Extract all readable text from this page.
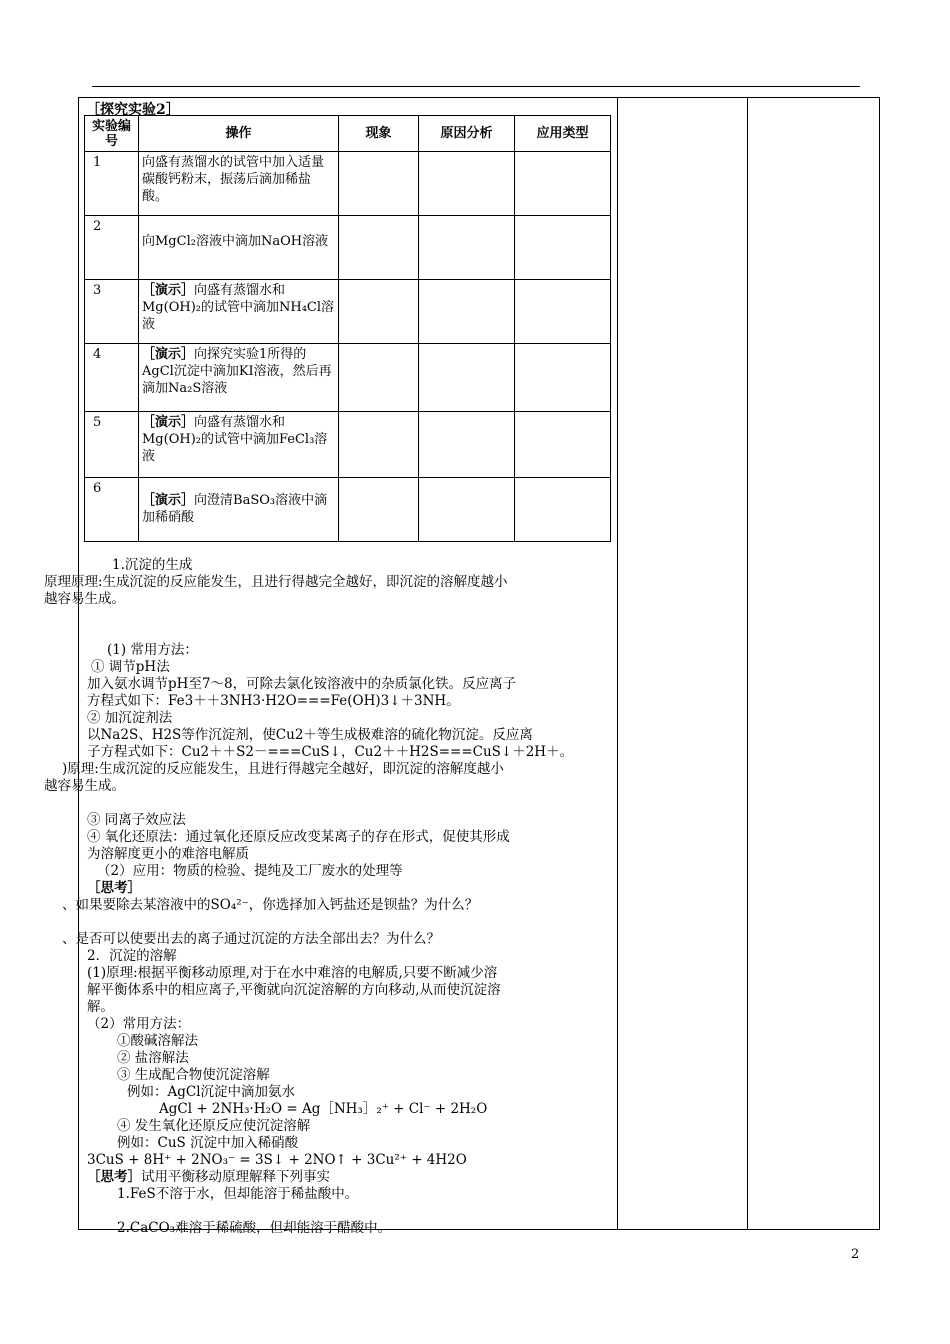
［探究实验2］
实验编号	操作	现象	原因分析	应用类型
1	向盛有蒸馏水的试管中加入适量碳酸钙粉末，振荡后滴加稀盐酸。			
2	向MgCl₂溶液中滴加NaOH溶液			
3	［演示］向盛有蒸馏水和Mg(OH)₂的试管中滴加NH₄Cl溶液			
4	［演示］向探究实验1所得的AgCl沉淀中滴加KI溶液，然后再滴加Na₂S溶液			
5	［演示］向盛有蒸馏水和Mg(OH)₂的试管中滴加FeCl₃溶液			
6	［演示］向澄清BaSO₃溶液中滴加稀硝酸			
1.沉淀的生成
原理原理:生成沉淀的反应能发生，且进行得越完全越好，即沉淀的溶解度越小
越容易生成。
(1) 常用方法：
① 调节pH法
加入氨水调节pH至7～8，可除去氯化铵溶液中的杂质氯化铁。反应离子
方程式如下：Fe3＋＋3NH3·H2O===Fe(OH)3↓＋3NH。
② 加沉淀剂法
以Na2S、H2S等作沉淀剂，使Cu2＋等生成极难溶的硫化物沉淀。反应离
子方程式如下：Cu2＋＋S2－===CuS↓，Cu2＋＋H2S===CuS↓＋2H＋。
)原理:生成沉淀的反应能发生，且进行得越完全越好，即沉淀的溶解度越小
越容易生成。
③ 同离子效应法
④ 氧化还原法：通过氧化还原反应改变某离子的存在形式，促使其形成
为溶解度更小的难溶电解质
（2）应用：物质的检验、提纯及工厂废水的处理等
［思考］
、如果要除去某溶液中的SO₄²⁻，你选择加入钙盐还是钡盐？为什么？
、是否可以使要出去的离子通过沉淀的方法全部出去？为什么？
2．沉淀的溶解
(1)原理:根据平衡移动原理,对于在水中难溶的电解质,只要不断减少溶
解平衡体系中的相应离子,平衡就向沉淀溶解的方向移动,从而使沉淀溶
解。
（2）常用方法：
①酸碱溶解法
② 盐溶解法
③ 生成配合物使沉淀溶解
例如：AgCl沉淀中滴加氨水
AgCl + 2NH₃·H₂O = Ag［NH₃］₂⁺ + Cl⁻ + 2H₂O
④ 发生氧化还原反应使沉淀溶解
例如：CuS 沉淀中加入稀硝酸
3CuS + 8H⁺ + 2NO₃⁻ = 3S↓ + 2NO↑ + 3Cu²⁺ + 4H2O
［思考］试用平衡移动原理解释下列事实
1.FeS不溶于水，但却能溶于稀盐酸中。
2.CaCO₃难溶于稀硫酸，但却能溶于醋酸中。
2
